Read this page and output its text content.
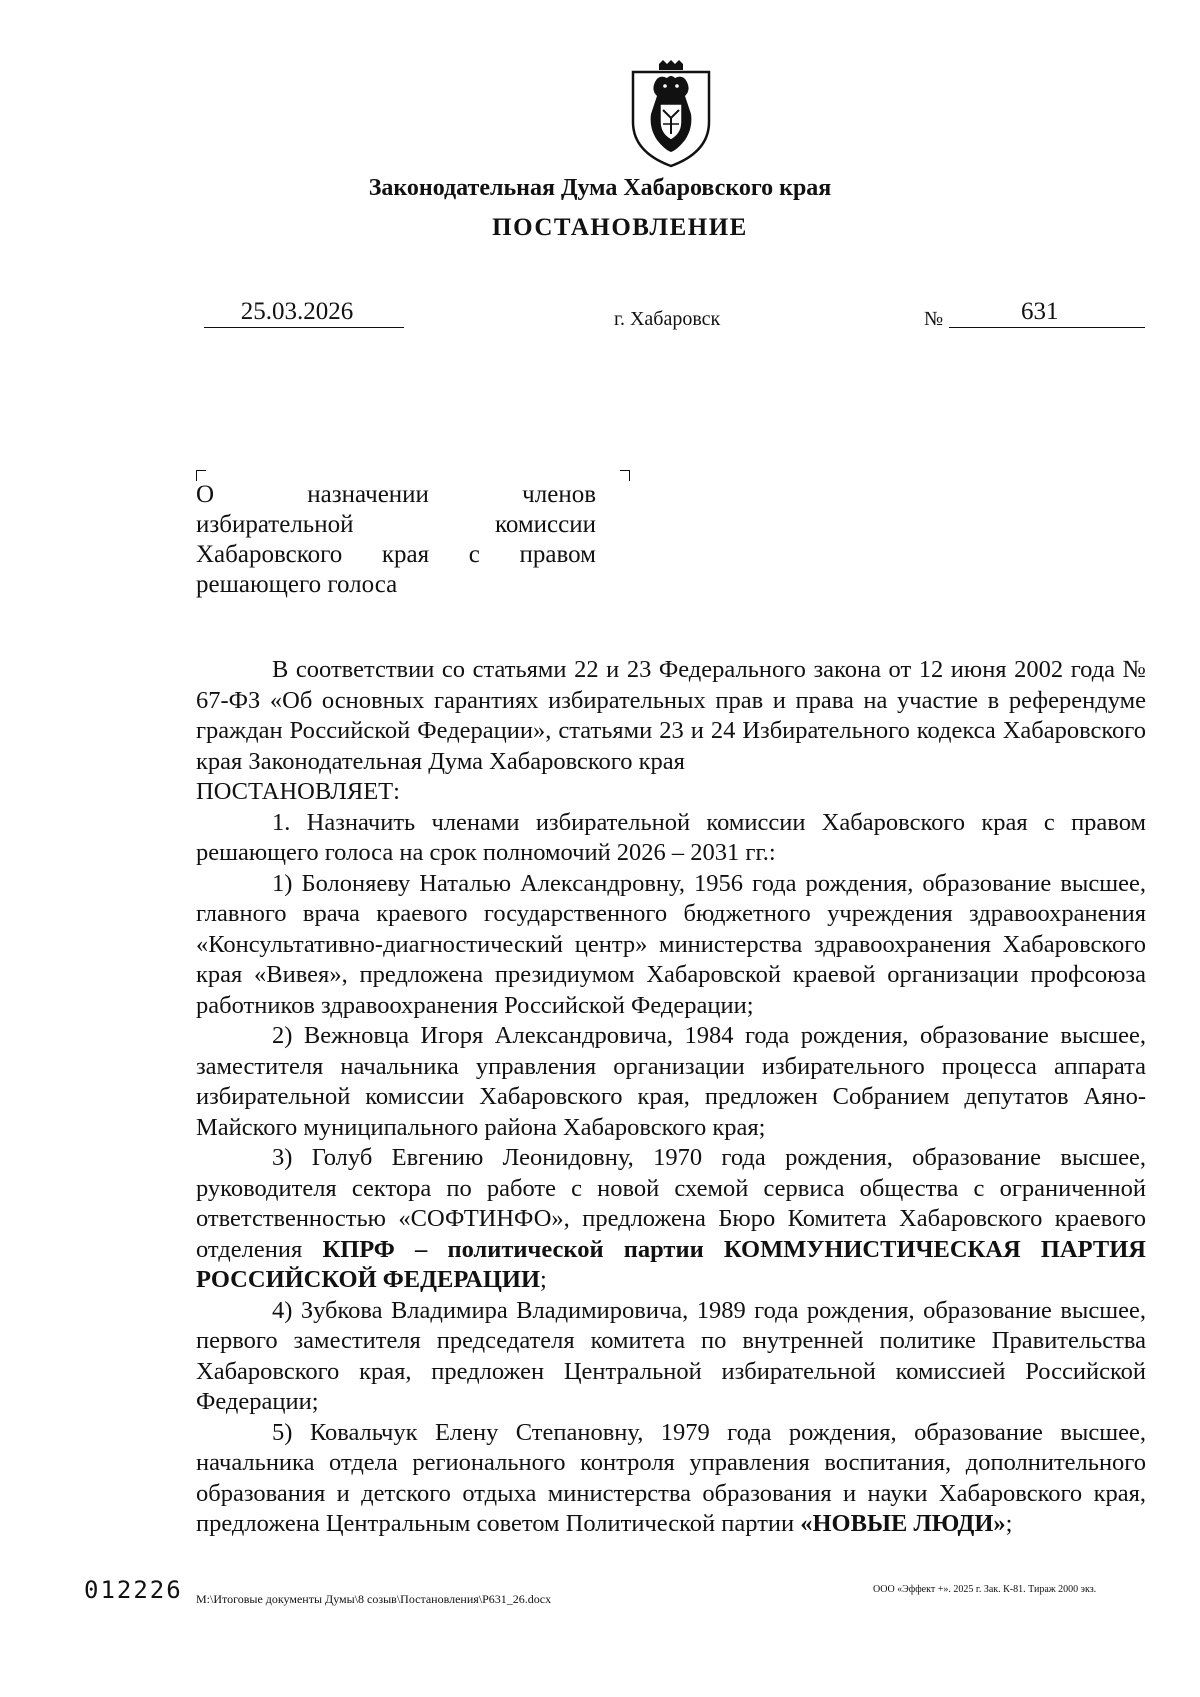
Законодательная Дума Хабаровского края
ПОСТАНОВЛЕНИЕ
25.03.2026	г. Хабаровск	№	631
О назначении членов
избирательной комиссии
Хабаровского края с правом
решающего голоса

В соответствии со статьями 22 и 23 Федерального закона от 12 июня 2002 года № 67-ФЗ «Об основных гарантиях избирательных прав и права на участие в референдуме граждан Российской Федерации», статьями 23 и 24 Избирательного кодекса Хабаровского края Законодательная Дума Хабаровского края

ПОСТАНОВЛЯЕТ:

1. Назначить членами избирательной комиссии Хабаровского края с правом решающего голоса на срок полномочий 2026 – 2031 гг.:

1) Болоняеву Наталью Александровну, 1956 года рождения, образование высшее, главного врача краевого государственного бюджетного учреждения здравоохранения «Консультативно-диагностический центр» министерства здравоохранения Хабаровского края «Вивея», предложена президиумом Хабаровской краевой организации профсоюза работников здравоохранения Российской Федерации;

2) Вежновца Игоря Александровича, 1984 года рождения, образование высшее, заместителя начальника управления организации избирательного процесса аппарата избирательной комиссии Хабаровского края, предложен Собранием депутатов Аяно-Майского муниципального района Хабаровского края;

3) Голуб Евгению Леонидовну, 1970 года рождения, образование высшее, руководителя сектора по работе с новой схемой сервиса общества с ограниченной ответственностью «СОФТИНФО», предложена Бюро Комитета Хабаровского краевого отделения КПРФ – политической партии КОММУНИСТИЧЕСКАЯ ПАРТИЯ РОССИЙСКОЙ ФЕДЕРАЦИИ;

4) Зубкова Владимира Владимировича, 1989 года рождения, образование высшее, первого заместителя председателя комитета по внутренней политике Правительства Хабаровского края, предложен Центральной избирательной комиссией Российской Федерации;

5) Ковальчук Елену Степановну, 1979 года рождения, образование высшее, начальника отдела регионального контроля управления воспитания, дополнительного образования и детского отдыха министерства образования и науки Хабаровского края, предложена Центральным советом Политической партии «НОВЫЕ ЛЮДИ»;

012226 M:\Итоговые документы Думы\8 созыв\Постановления\Р631_26.docx
ООО «Эффект +». 2025 г. Зак. К-81. Тираж 2000 экз.
